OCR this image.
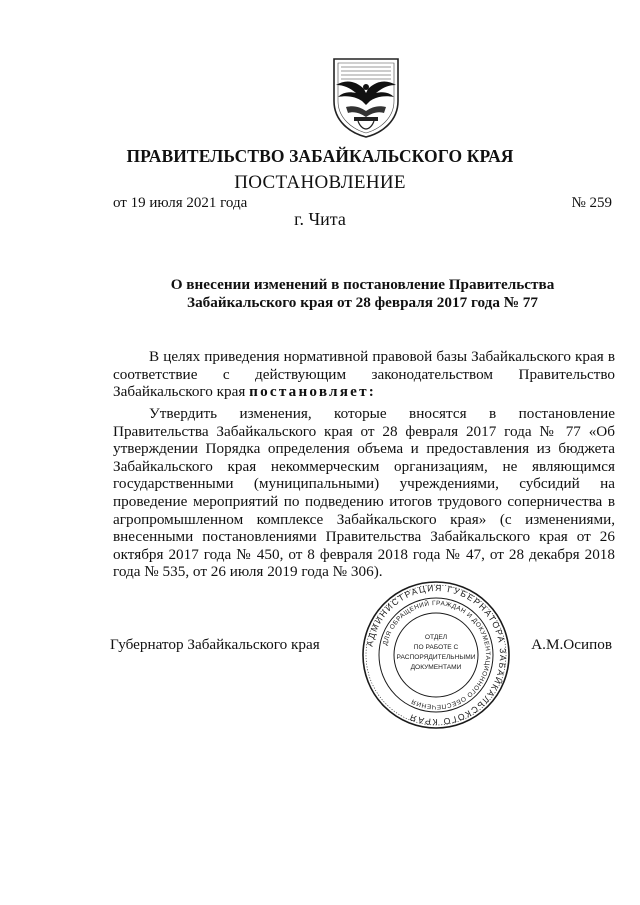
ПРАВИТЕЛЬСТВО ЗАБАЙКАЛЬСКОГО КРАЯ
ПОСТАНОВЛЕНИЕ
от 19 июля 2021 года	№ 259
г. Чита
О внесении изменений в постановление Правительства
Забайкальского края от 28 февраля 2017 года № 77
В целях приведения нормативной правовой базы Забайкальского края в соответствие с действующим законодательством Правительство Забайкальского края постановляет:
Утвердить изменения, которые вносятся в постановление Правительства Забайкальского края от 28 февраля 2017 года № 77 «Об утверждении Порядка определения объема и предоставления из бюджета Забайкальского края некоммерческим организациям, не являющимся государственными (муниципальными) учреждениями, субсидий на проведение мероприятий по подведению итогов трудового соперничества в агропромышленном комплексе Забайкальского края» (с изменениями, внесенными постановлениями Правительства Забайкальского края от 26 октября 2017 года № 450, от 8 февраля 2018 года № 47, от 28 декабря 2018 года № 535, от 26 июля 2019 года № 306).
Губернатор Забайкальского края	А.М.Осипов
АДМИНИСТРАЦИЯ ГУБЕРНАТОРА ЗАБАЙКАЛЬСКОГО КРАЯ
ДЛЯ ОБРАЩЕНИЙ ГРАЖДАН И ДОКУМЕНТАЦИОННОГО ОБЕСПЕЧЕНИЯ
ОТДЕЛ
ПО РАБОТЕ С
РАСПОРЯДИТЕЛЬНЫМИ
ДОКУМЕНТАМИ
